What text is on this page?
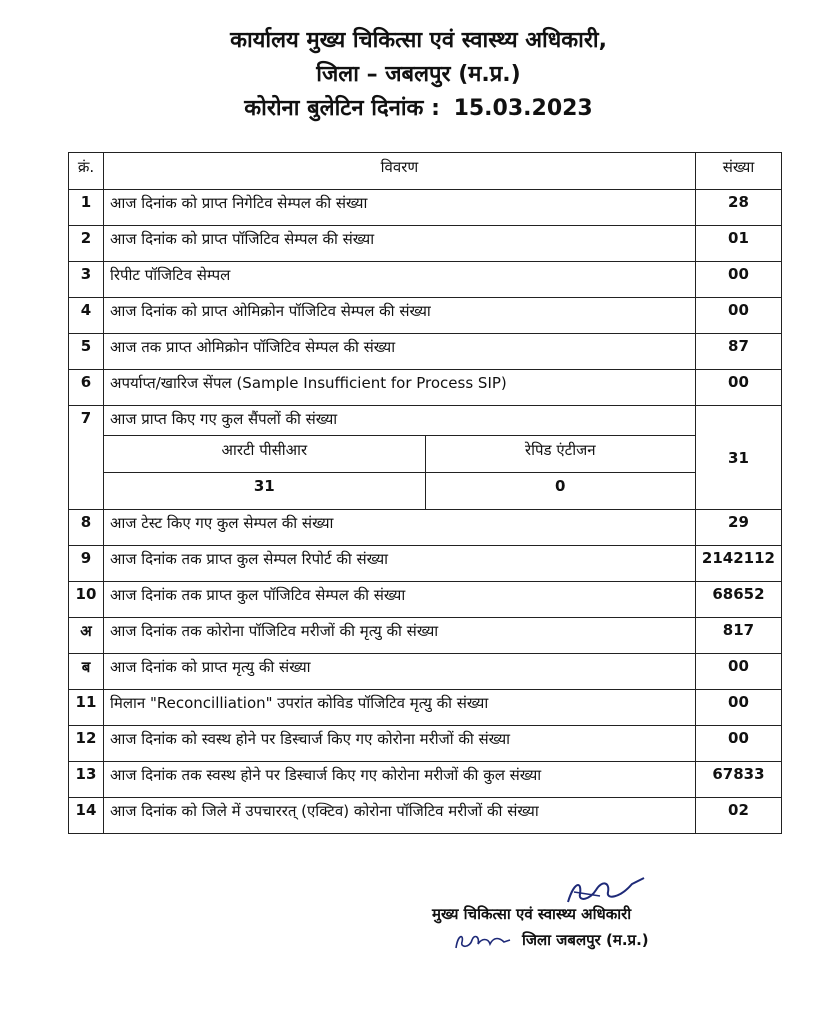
कार्यालय मुख्य चिकित्सा एवं स्वास्थ्य अधिकारी,
जिला – जबलपुर (म.प्र.)
कोरोना बुलेटिन दिनांक : 15.03.2023
क्रं.	विवरण	संख्या
1	आज दिनांक को प्राप्त निगेटिव सेम्पल की संख्या	28
2	आज दिनांक को प्राप्त पॉजिटिव सेम्पल की संख्या	01
3	रिपीट पॉजिटिव सेम्पल	00
4	आज दिनांक को प्राप्त ओमिक्रोन पॉजिटिव सेम्पल की संख्या	00
5	आज तक प्राप्त ओमिक्रोन पॉजिटिव सेम्पल की संख्या	87
6	अपर्याप्त/खारिज सेंपल (Sample Insufficient for Process SIP)	00
7	आज प्राप्त किए गए कुल सैंपलों की संख्या
आरटी पीसीआर	रेपिड एंटीजन
31	0
	31
8	आज टेस्ट किए गए कुल सेम्पल की संख्या	29
9	आज दिनांक तक प्राप्त कुल सेम्पल रिपोर्ट की संख्या	2142112
10	आज दिनांक तक प्राप्त कुल पॉजिटिव सेम्पल की संख्या	68652
अ	आज दिनांक तक कोरोना पॉजिटिव मरीजों की मृत्यु की संख्या	817
ब	आज दिनांक को प्राप्त मृत्यु की संख्या	00
11	मिलान "Reconcilliation" उपरांत कोविड पॉजिटिव मृत्यु की संख्या	00
12	आज दिनांक को स्वस्थ होने पर डिस्चार्ज किए गए कोरोना मरीजों की संख्या	00
13	आज दिनांक तक स्वस्थ होने पर डिस्चार्ज किए गए कोरोना मरीजों की कुल संख्या	67833
14	आज दिनांक को जिले में उपचाररत् (एक्टिव) कोरोना पॉजिटिव मरीजों की संख्या	02
मुख्य चिकित्सा एवं स्वास्थ्य अधिकारी
जिला जबलपुर (म.प्र.)
